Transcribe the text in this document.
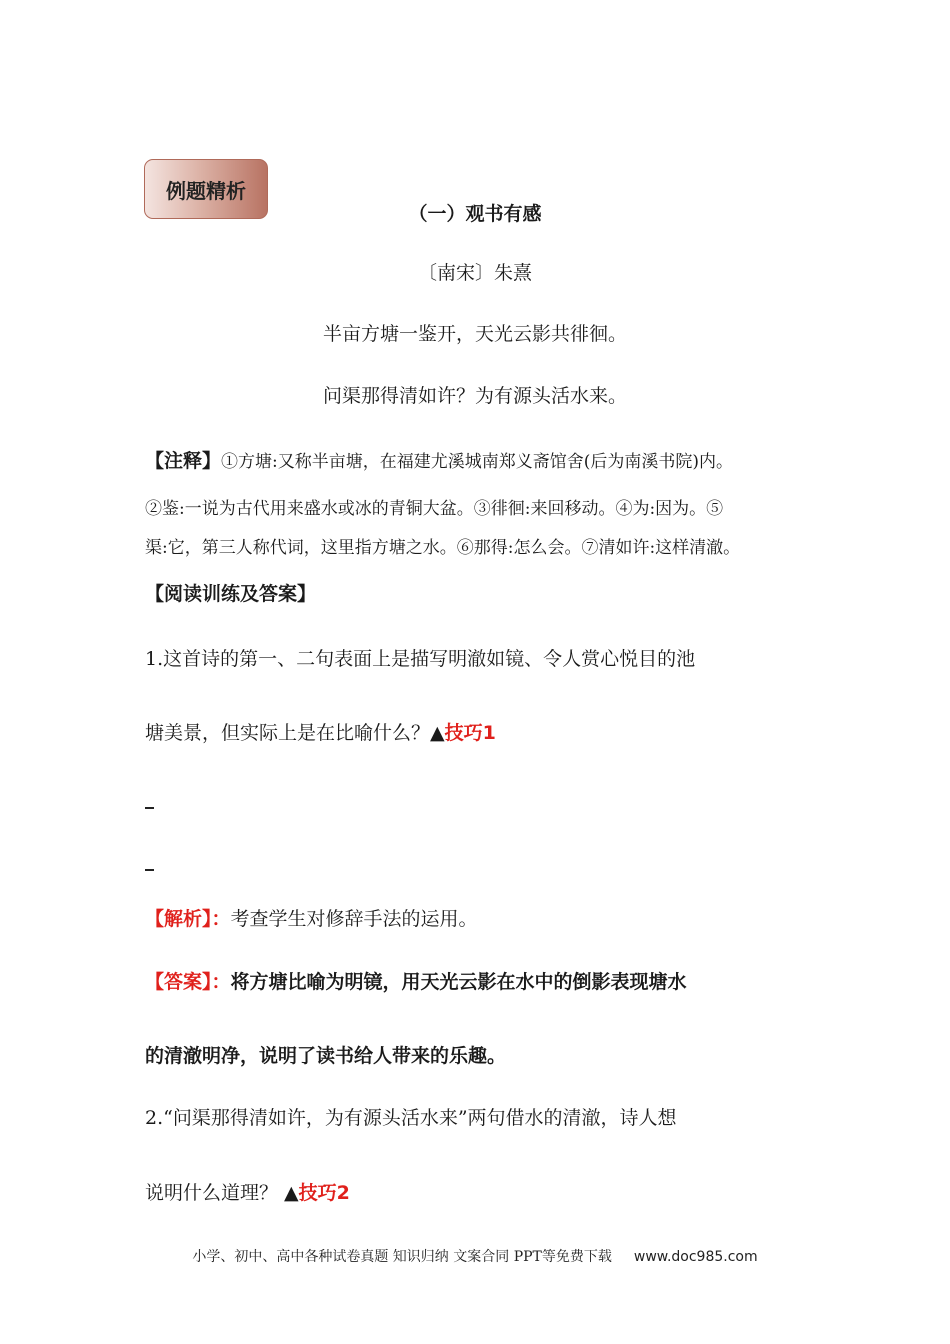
例题精析
（一）观书有感
〔南宋〕朱熹
半亩方塘一鉴开，天光云影共徘徊。
问渠那得清如许？为有源头活水来。
【注释】①方塘:又称半亩塘，在福建尤溪城南郑义斋馆舍(后为南溪书院)内。
②鉴:一说为古代用来盛水或冰的青铜大盆。③徘徊:来回移动。④为:因为。⑤
渠:它，第三人称代词，这里指方塘之水。⑥那得:怎么会。⑦清如许:这样清澈。
【阅读训练及答案】
1.这首诗的第一、二句表面上是描写明澈如镜、令人赏心悦目的池
塘美景，但实际上是在比喻什么？▲技巧1
【解析】：考查学生对修辞手法的运用。
【答案】：将方塘比喻为明镜，用天光云影在水中的倒影表现塘水
的清澈明净，说明了读书给人带来的乐趣。
2.“问渠那得清如许，为有源头活水来”两句借水的清澈，诗人想
说明什么道理？ ▲技巧2
小学、初中、高中各种试卷真题 知识归纳 文案合同 PPT等免费下载 www.doc985.com
